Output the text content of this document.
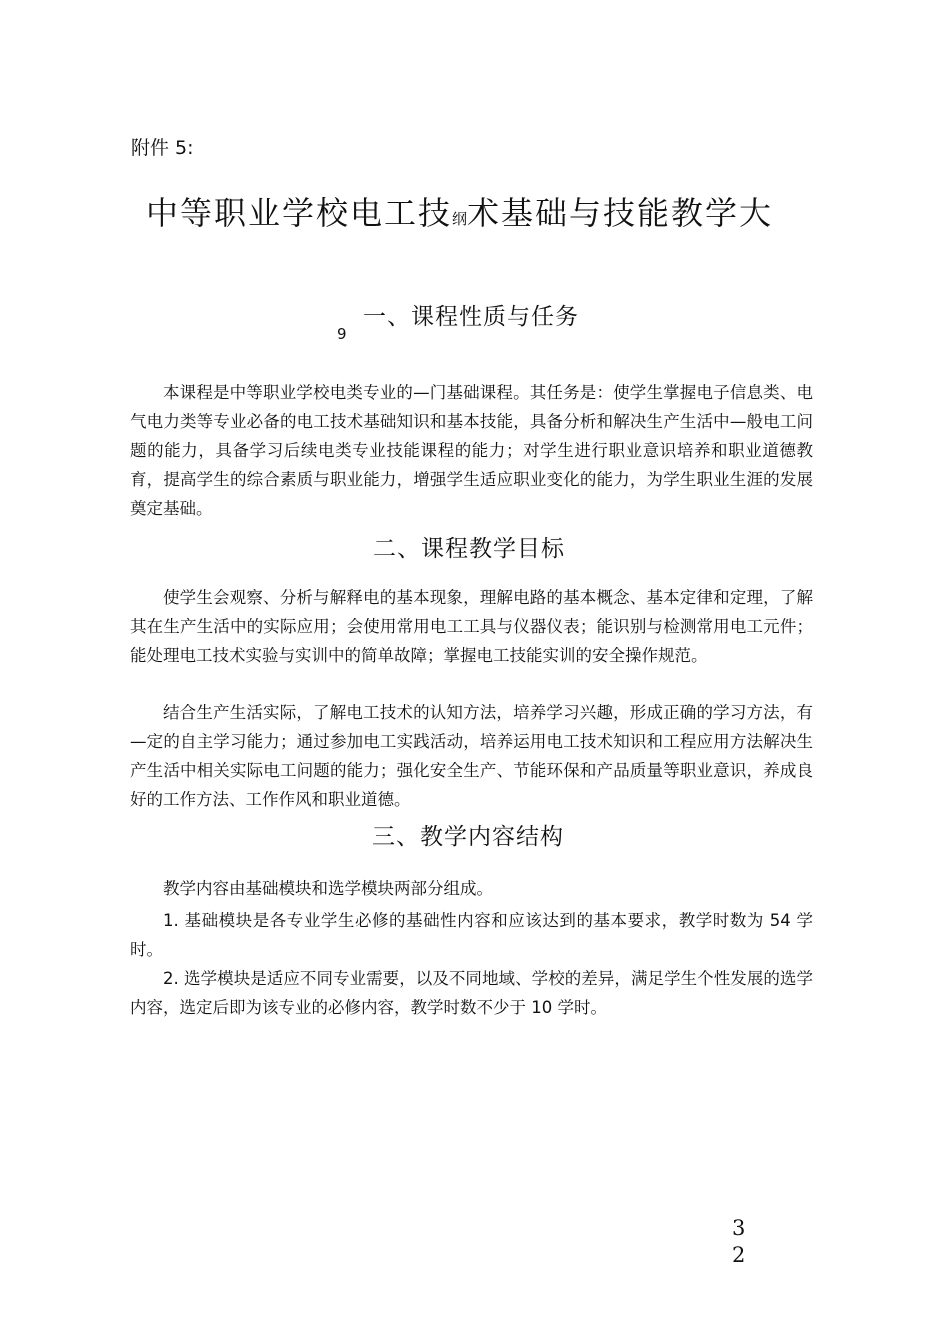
附件 5:
中等职业学校电工技纲术基础与技能教学大
9
一、课程性质与任务

本课程是中等职业学校电类专业的—门基础课程。其任务是：使学生掌握电子信息类、电气电力类等专业必备的电工技术基础知识和基本技能，具备分析和解决生产生活中—般电工问题的能力，具备学习后续电类专业技能课程的能力；对学生进行职业意识培养和职业道德教育，提高学生的综合素质与职业能力，增强学生适应职业变化的能力，为学生职业生涯的发展奠定基础。

二、课程教学目标

使学生会观察、分析与解释电的基本现象，理解电路的基本概念、基本定律和定理，了解其在生产生活中的实际应用；会使用常用电工工具与仪器仪表；能识别与检测常用电工元件；能处理电工技术实验与实训中的简单故障；掌握电工技能实训的安全操作规范。

结合生产生活实际，了解电工技术的认知方法，培养学习兴趣，形成正确的学习方法，有—定的自主学习能力；通过参加电工实践活动，培养运用电工技术知识和工程应用方法解决生产生活中相关实际电工问题的能力；强化安全生产、节能环保和产品质量等职业意识，养成良好的工作方法、工作作风和职业道德。

三、教学内容结构

教学内容由基础模块和选学模块两部分组成。

1. 基础模块是各专业学生必修的基础性内容和应该达到的基本要求，教学时数为 54 学时。

2. 选学模块是适应不同专业需要，以及不同地域、学校的差异，满足学生个性发展的选学内容，选定后即为该专业的必修内容，教学时数不少于 10 学时。

3
2
